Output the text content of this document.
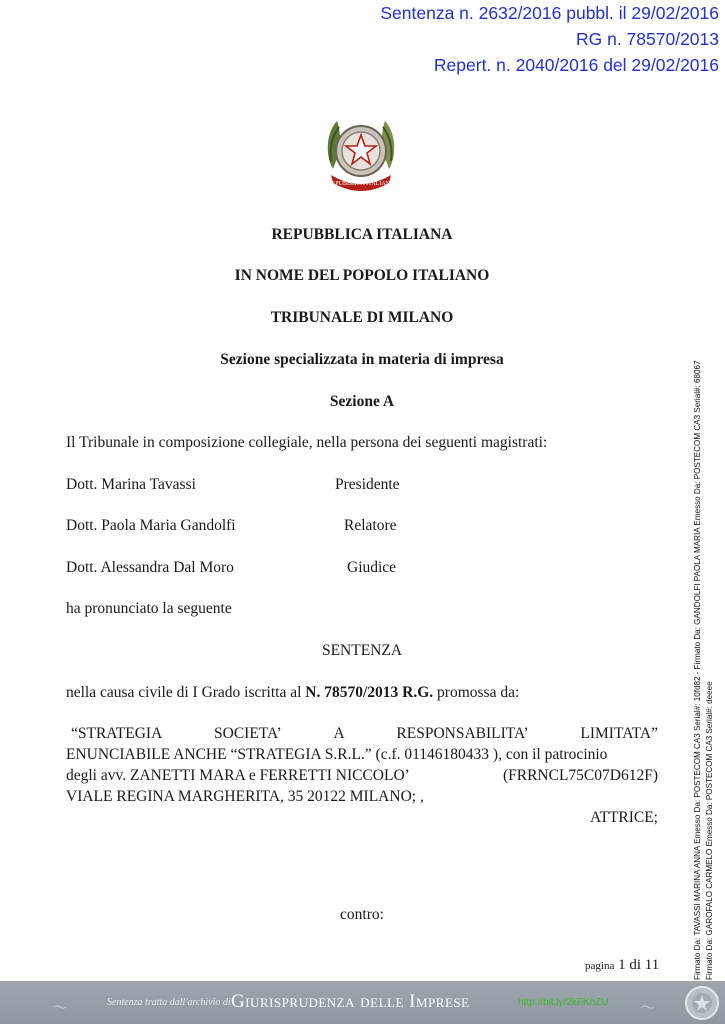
Sentenza n. 2632/2016 pubbl. il 29/02/2016
RG n. 78570/2013
Repert. n. 2040/2016 del 29/02/2016
REPUBBLICA ITALIANA
REPUBBLICA ITALIANA
IN NOME DEL POPOLO ITALIANO
TRIBUNALE DI MILANO
Sezione specializzata in materia di impresa
Sezione A
Il Tribunale in composizione collegiale, nella persona dei seguenti magistrati:
Dott. Marina Tavassi	Presidente
Dott. Paola Maria Gandolfi	Relatore
Dott. Alessandra Dal Moro	Giudice
ha pronunciato la seguente
SENTENZA
nella causa civile di I Grado iscritta al N. 78570/2013 R.G. promossa da:
“STRATEGIA	SOCIETA’	A	RESPONSABILITA’	LIMITATA”
ENUNCIABILE ANCHE “STRATEGIA S.R.L.” (c.f. 01146180433 ), con il patrocinio
degli avv. ZANETTI MARA e FERRETTI NICCOLO’	(FRRNCL75C07D612F)
VIALE REGINA MARGHERITA, 35 20122 MILANO; ,
ATTRICE;
contro:
pagina 1 di 11	Firmato Da: TAVASSI MARINA ANNA Emesso Da: POSTECOM CA3 Serial#: 10fd82 - Firmato Da: GANDOLFI PAOLA MARIA Emesso Da: POSTECOM CA3 Serial#: 68067 Firmato Da: GAROFALO CARMELO Emesso Da: POSTECOM CA3 Serial#: deeee
〜	Sentenza tratta dall'archivio di Giurisprudenza delle Imprese	http://bit.ly/2kFKhZU 〜
